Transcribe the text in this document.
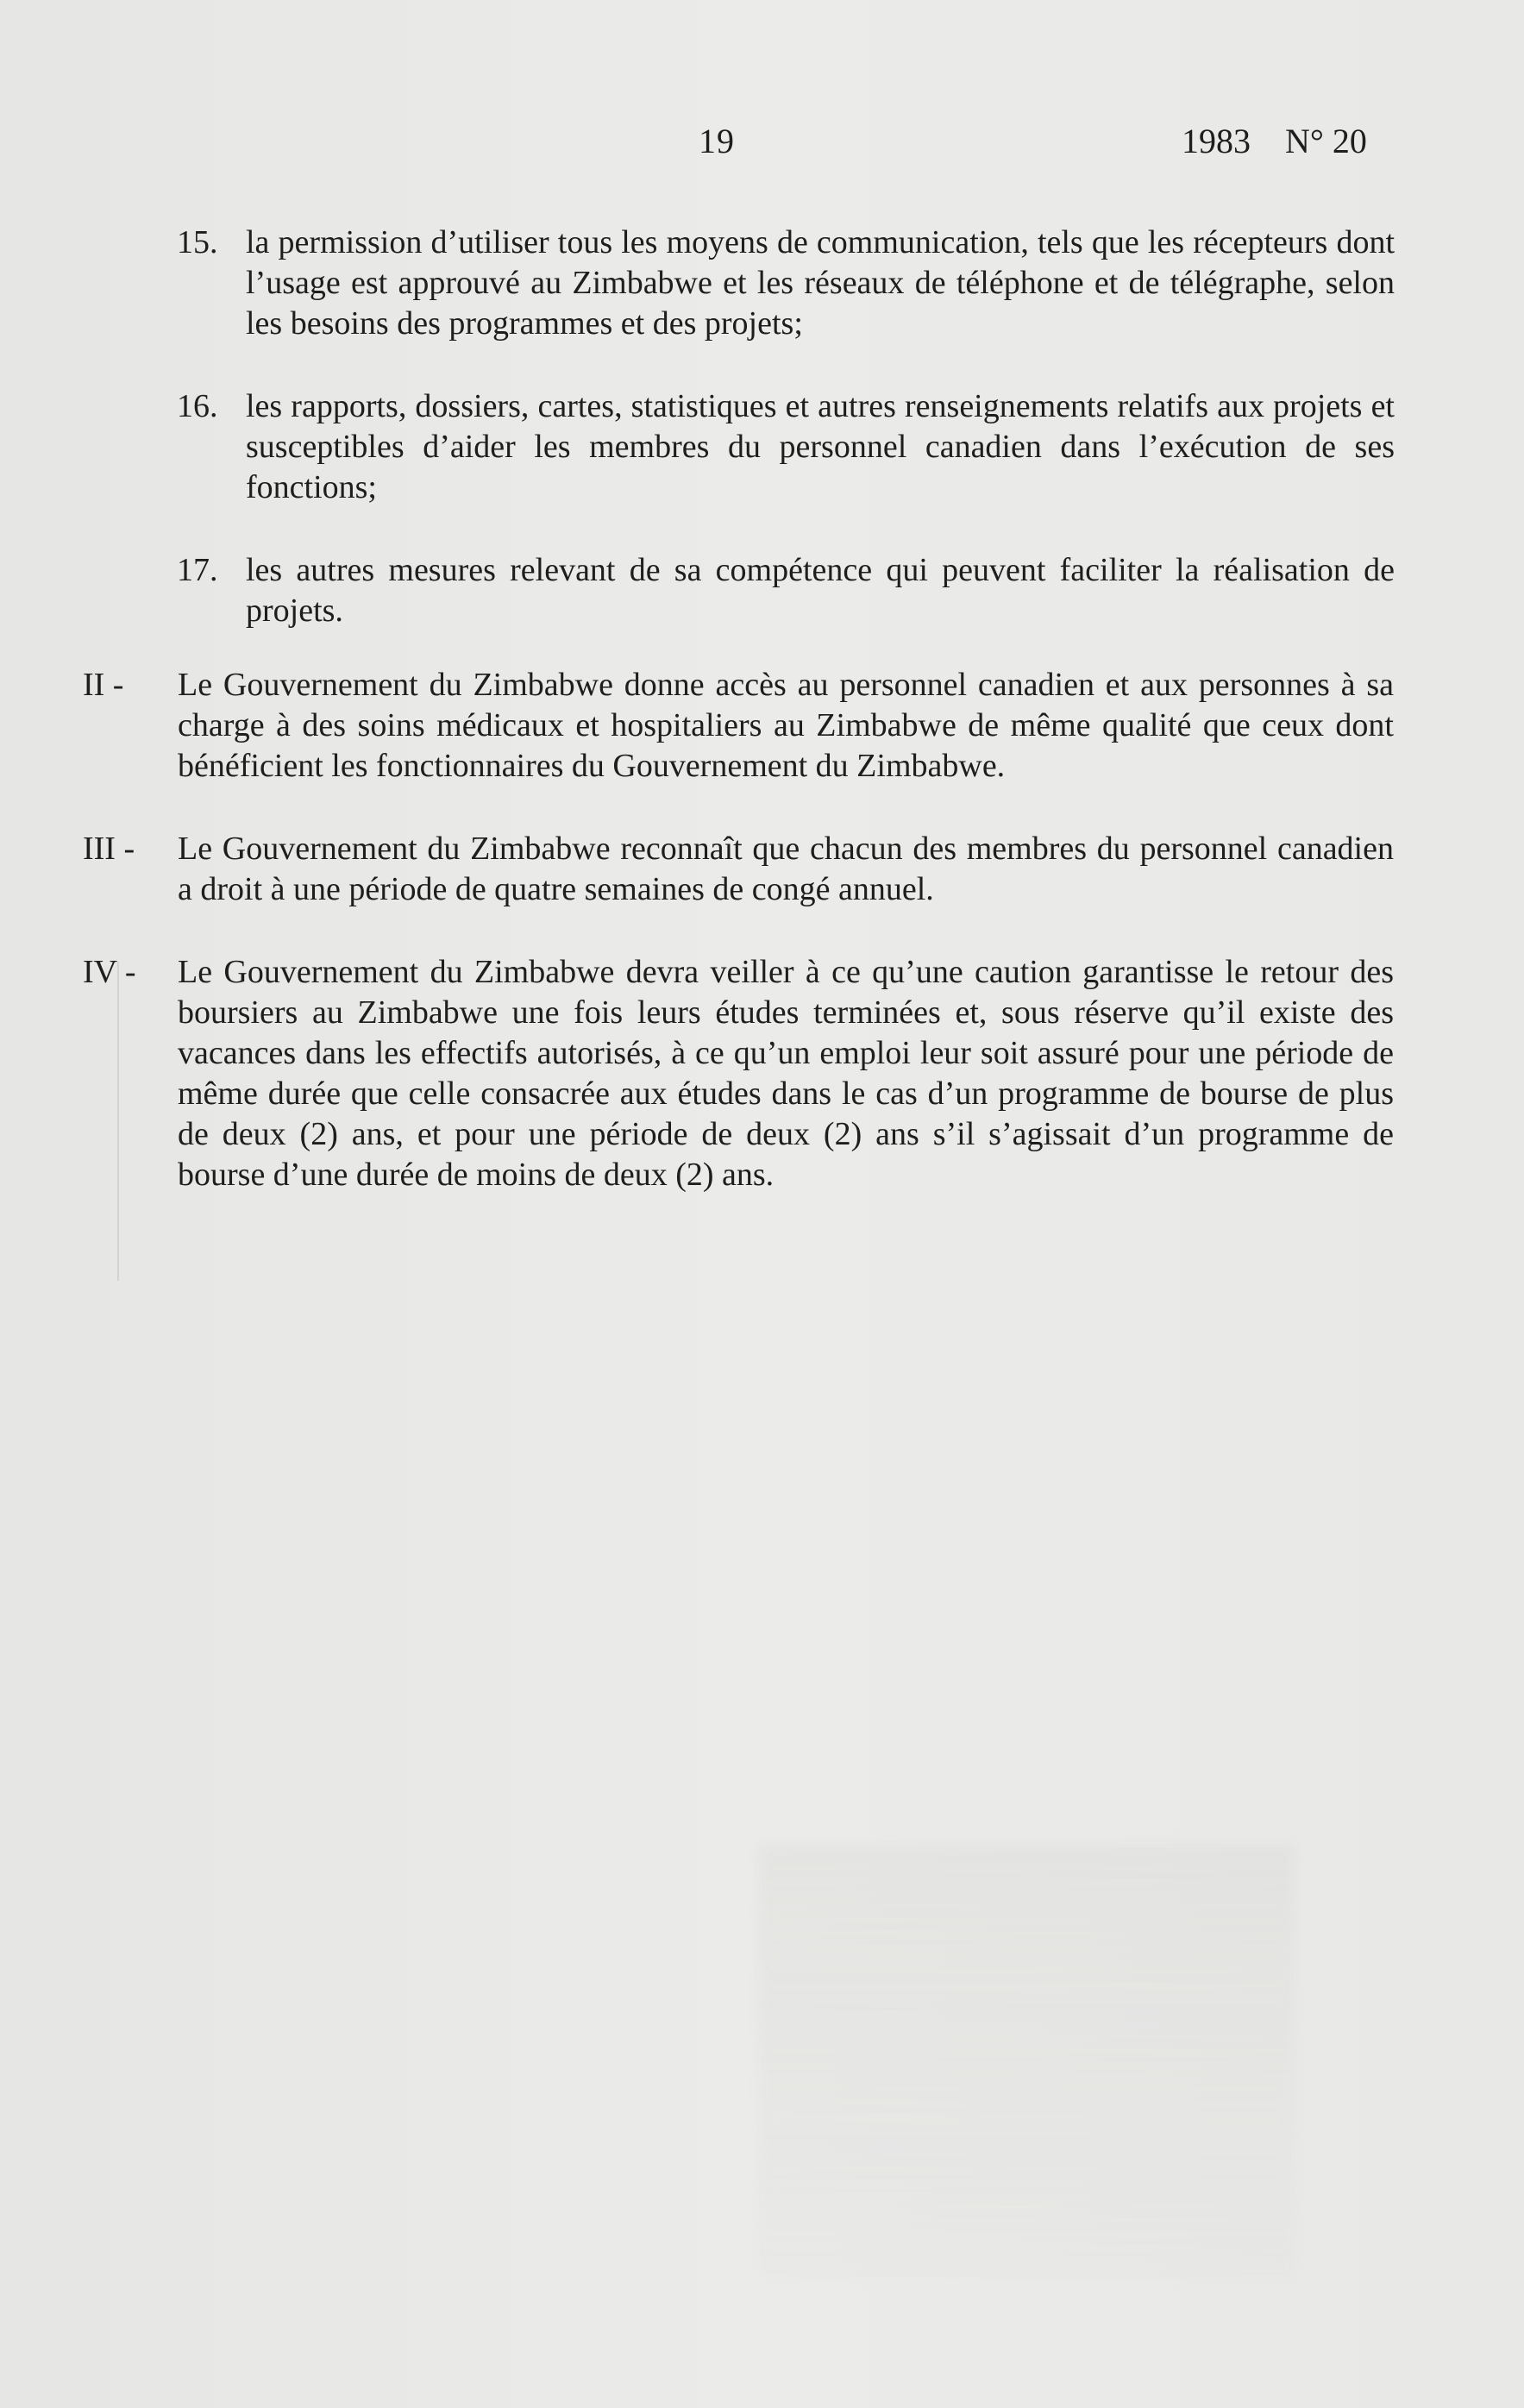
19	1983 N° 20
15. la permission d’utiliser tous les moyens de communication, tels que les récepteurs dont l’usage est approuvé au Zimbabwe et les réseaux de téléphone et de télégraphe, selon les besoins des programmes et des projets;
16. les rapports, dossiers, cartes, statistiques et autres renseignements relatifs aux projets et susceptibles d’aider les membres du personnel canadien dans l’exécution de ses fonctions;
17. les autres mesures relevant de sa compétence qui peuvent faciliter la réalisation de projets.
II - Le Gouvernement du Zimbabwe donne accès au personnel canadien et aux personnes à sa charge à des soins médicaux et hospitaliers au Zimbabwe de même qualité que ceux dont bénéficient les fonctionnaires du Gouvernement du Zimbabwe.
III - Le Gouvernement du Zimbabwe reconnaît que chacun des membres du personnel canadien a droit à une période de quatre semaines de congé annuel.
IV - Le Gouvernement du Zimbabwe devra veiller à ce qu’une caution garantisse le retour des boursiers au Zimbabwe une fois leurs études terminées et, sous réserve qu’il existe des vacances dans les effectifs autorisés, à ce qu’un emploi leur soit assuré pour une période de même durée que celle consacrée aux études dans le cas d’un programme de bourse de plus de deux (2) ans, et pour une période de deux (2) ans s’il s’agissait d’un programme de bourse d’une durée de moins de deux (2) ans.
